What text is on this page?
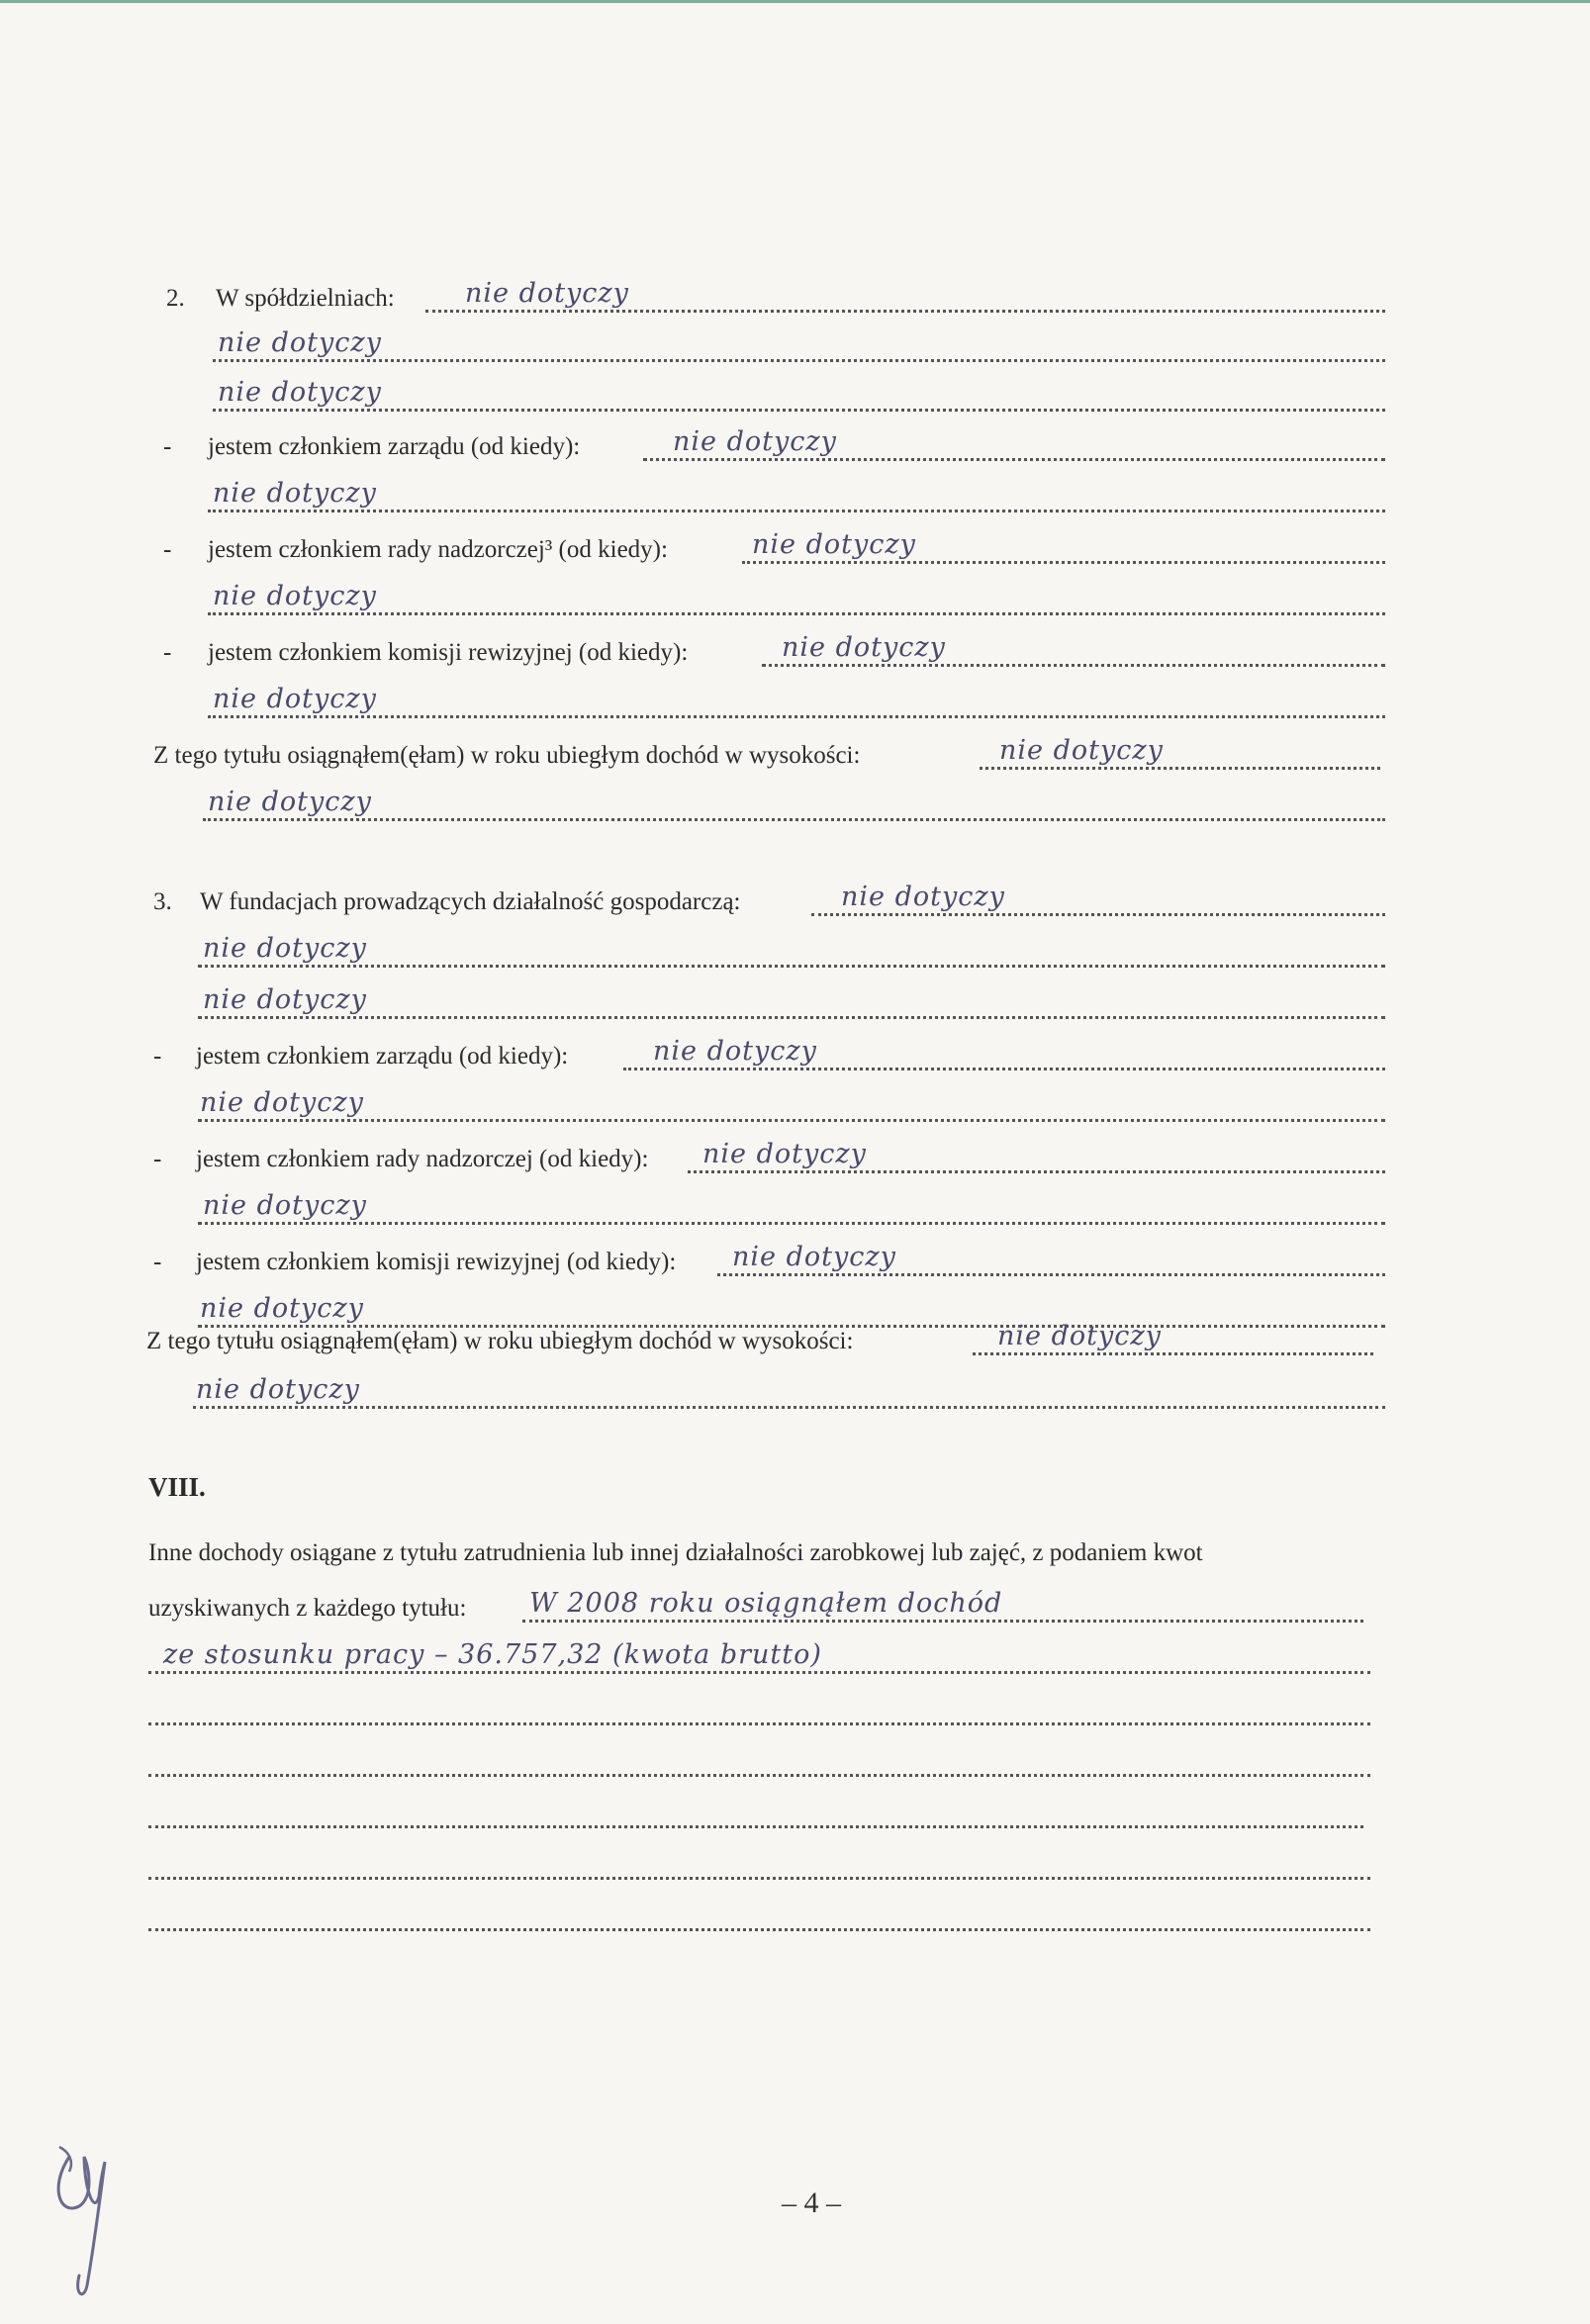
2. W spółdzielniach:	nie dotyczy
nie dotyczy
nie dotyczy
- jestem członkiem zarządu (od kiedy):	nie dotyczy
nie dotyczy
- jestem członkiem rady nadzorczej³ (od kiedy):	nie dotyczy
nie dotyczy
- jestem członkiem komisji rewizyjnej (od kiedy):	nie dotyczy
nie dotyczy
Z tego tytułu osiągnąłem(ęłam) w roku ubiegłym dochód w wysokości:	nie dotyczy
nie dotyczy
3. W fundacjach prowadzących działalność gospodarczą:	nie dotyczy
nie dotyczy
nie dotyczy
- jestem członkiem zarządu (od kiedy):	nie dotyczy
nie dotyczy
- jestem członkiem rady nadzorczej (od kiedy): nie dotyczy
nie dotyczy
- jestem członkiem komisji rewizyjnej (od kiedy): nie dotyczy
nie dotyczy
Z tego tytułu osiągnąłem(ęłam) w roku ubiegłym dochód w wysokości:	nie dotyczy
nie dotyczy
VIII.
Inne dochody osiągane z tytułu zatrudnienia lub innej działalności zarobkowej lub zajęć, z podaniem kwot
uzyskiwanych z każdego tytułu: W 2008 roku osiągnąłem dochód
ze stosunku pracy – 36.757,32 (kwota brutto)
– 4 –
